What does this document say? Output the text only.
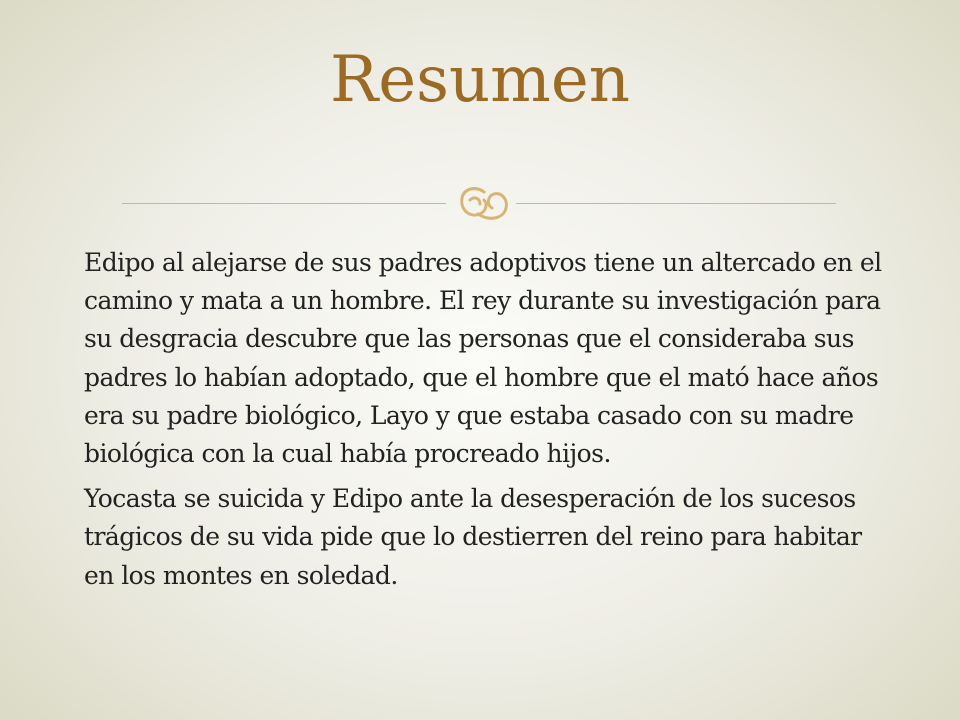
Resumen

Edipo al alejarse de sus padres adoptivos tiene un altercado en el camino y mata a un hombre. El rey durante su investigación para su desgracia descubre que las personas que el consideraba sus padres lo habían adoptado, que el hombre que el mató hace años era su padre biológico, Layo y que estaba casado con su madre biológica con la cual había procreado hijos.

Yocasta se suicida y Edipo ante la desesperación de los sucesos trágicos de su vida pide que lo destierren del reino para habitar en los montes en soledad.
